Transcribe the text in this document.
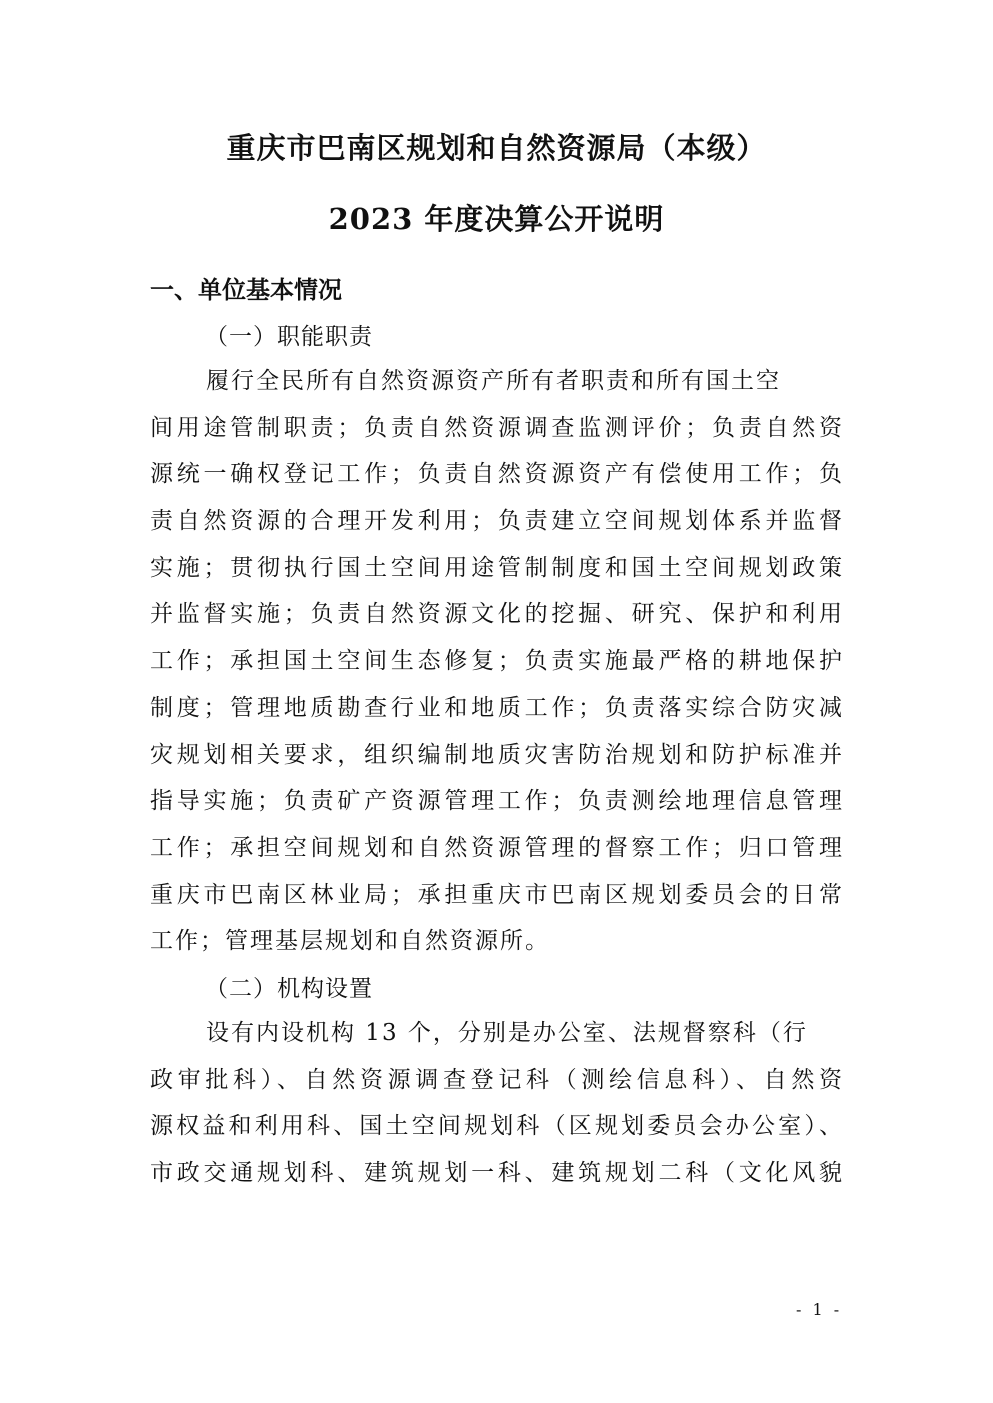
重庆市巴南区规划和自然资源局（本级）
2023 年度决算公开说明
一、单位基本情况
（一）职能职责
履行全民所有自然资源资产所有者职责和所有国土空
间用途管制职责；负责自然资源调查监测评价；负责自然资
源统一确权登记工作；负责自然资源资产有偿使用工作；负
责自然资源的合理开发利用；负责建立空间规划体系并监督
实施；贯彻执行国土空间用途管制制度和国土空间规划政策
并监督实施；负责自然资源文化的挖掘、研究、保护和利用
工作；承担国土空间生态修复；负责实施最严格的耕地保护
制度；管理地质勘查行业和地质工作；负责落实综合防灾减
灾规划相关要求，组织编制地质灾害防治规划和防护标准并
指导实施；负责矿产资源管理工作；负责测绘地理信息管理
工作；承担空间规划和自然资源管理的督察工作；归口管理
重庆市巴南区林业局；承担重庆市巴南区规划委员会的日常
工作；管理基层规划和自然资源所。
（二）机构设置
设有内设机构 13 个，分别是办公室、法规督察科（行
政审批科）、自然资源调查登记科（测绘信息科）、自然资
源权益和利用科、国土空间规划科（区规划委员会办公室）、
市政交通规划科、建筑规划一科、建筑规划二科（文化风貌
- 1 -
